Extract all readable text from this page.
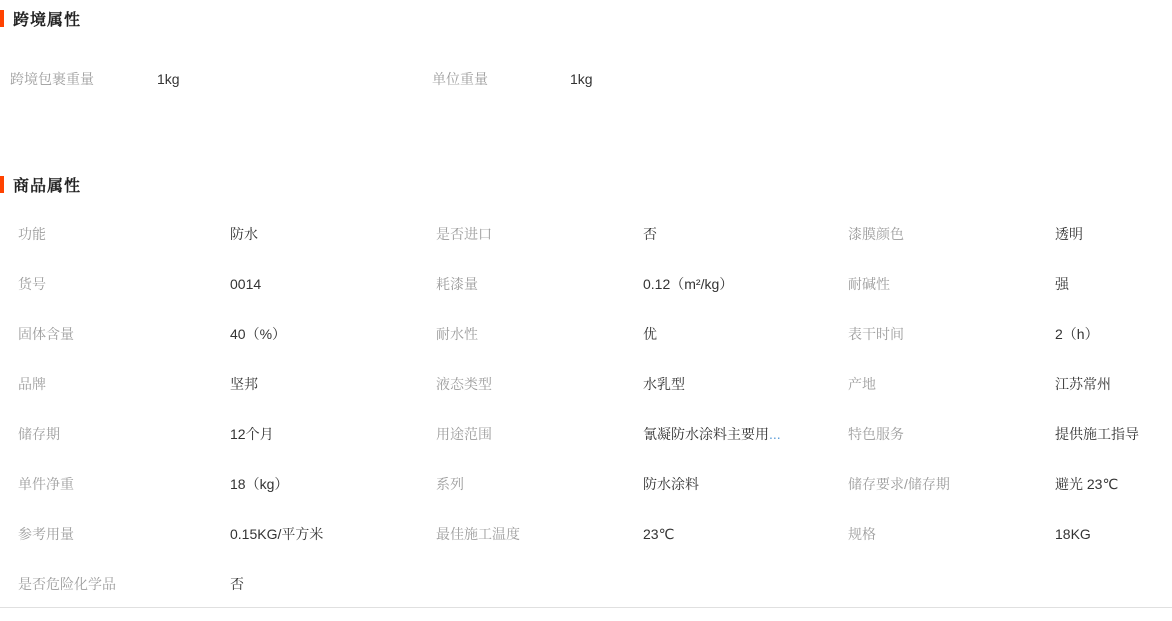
跨境属性
跨境包裹重量	1kg	单位重量	1kg
商品属性
功能	防水	是否进口	否	漆膜颜色	透明
货号	0014	耗漆量	0.12（m²/kg）	耐碱性	强
固体含量	40（%）	耐水性	优	表干时间	2（h）
品牌	坚邦	液态类型	水乳型	产地	江苏常州
储存期	12个月	用途范围	氰凝防水涂料主要用 ...	特色服务	提供施工指导
单件净重	18（kg）	系列	防水涂料	储存要求/储存期	避光 23℃
参考用量	0.15KG/平方米	最佳施工温度	23℃	规格	18KG
是否危险化学品	否
